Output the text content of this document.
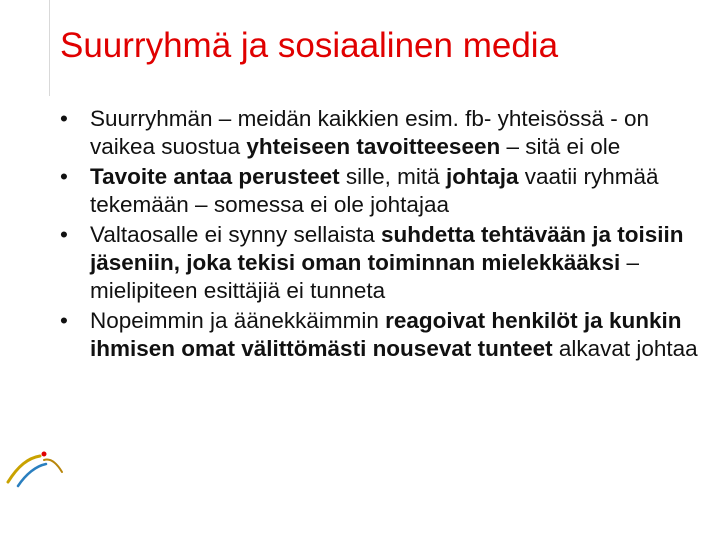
Suurryhmä ja sosiaalinen media

• Suurryhmän – meidän kaikkien esim. fb- yhteisössä - on vaikea suostua yhteiseen tavoitteeseen – sitä ei ole

• Tavoite antaa perusteet sille, mitä johtaja vaatii ryhmää tekemään – somessa ei ole johtajaa

• Valtaosalle ei synny sellaista suhdetta tehtävään ja toisiin jäseniin, joka tekisi oman toiminnan mielekkääksi – mielipiteen esittäjiä ei tunneta

• Nopeimmin ja äänekkäimmin reagoivat henkilöt ja kunkin ihmisen omat välittömästi nousevat tunteet alkavat johtaa
